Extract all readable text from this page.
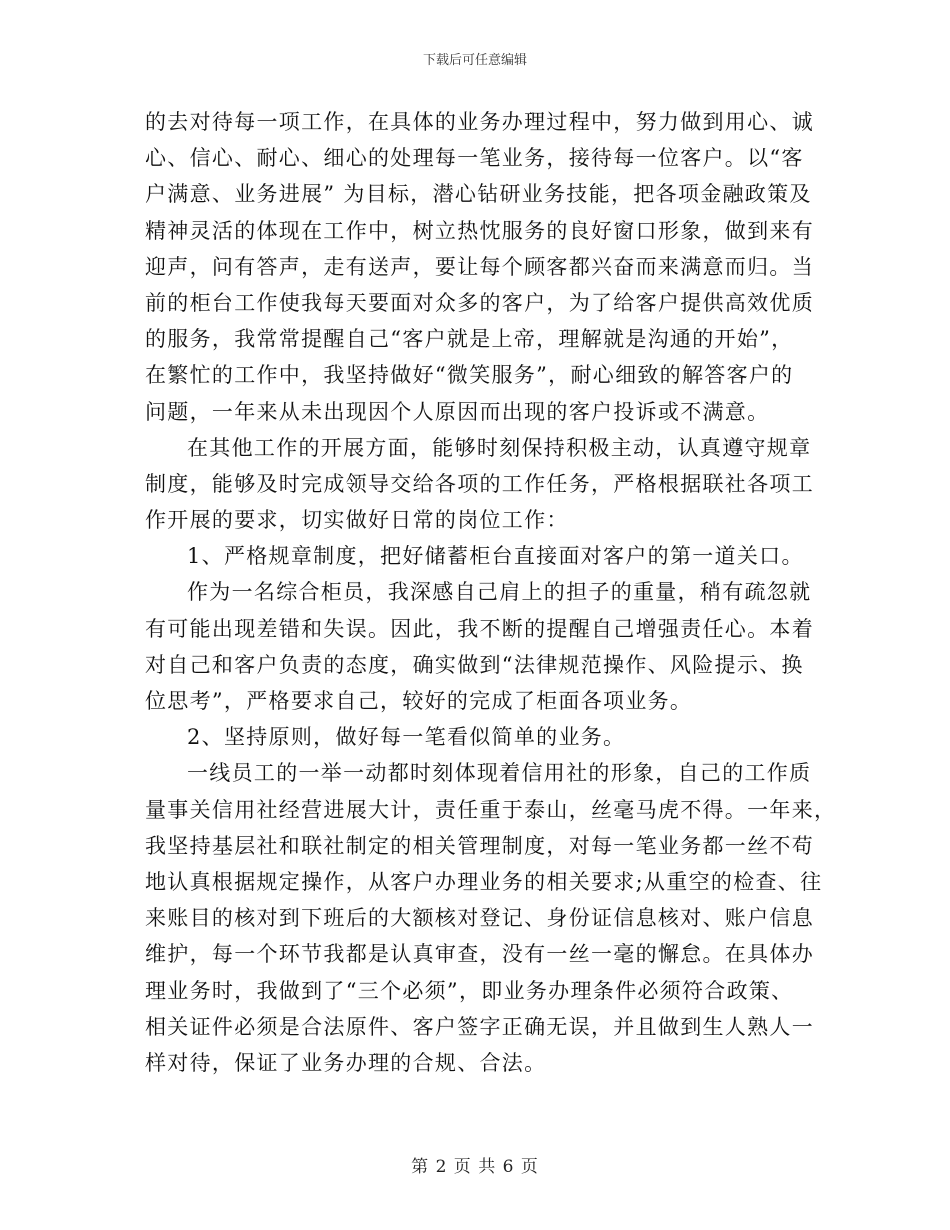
下载后可任意编辑
的去对待每一项工作，在具体的业务办理过程中，努力做到用心、诚
心、信心、耐心、细心的处理每一笔业务，接待每一位客户。以“客
户满意、业务进展” 为目标，潜心钻研业务技能，把各项金融政策及
精神灵活的体现在工作中，树立热忱服务的良好窗口形象，做到来有
迎声，问有答声，走有送声，要让每个顾客都兴奋而来满意而归。当
前的柜台工作使我每天要面对众多的客户，为了给客户提供高效优质
的服务，我常常提醒自己“客户就是上帝，理解就是沟通的开始”，
在繁忙的工作中，我坚持做好“微笑服务”，耐心细致的解答客户的
问题，一年来从未出现因个人原因而出现的客户投诉或不满意。
在其他工作的开展方面，能够时刻保持积极主动，认真遵守规章
制度，能够及时完成领导交给各项的工作任务，严格根据联社各项工
作开展的要求，切实做好日常的岗位工作：
1、严格规章制度，把好储蓄柜台直接面对客户的第一道关口。
作为一名综合柜员，我深感自己肩上的担子的重量，稍有疏忽就
有可能出现差错和失误。因此，我不断的提醒自己增强责任心。本着
对自己和客户负责的态度，确实做到“法律规范操作、风险提示、换
位思考”，严格要求自己，较好的完成了柜面各项业务。
2、坚持原则，做好每一笔看似简单的业务。
一线员工的一举一动都时刻体现着信用社的形象，自己的工作质
量事关信用社经营进展大计，责任重于泰山，丝毫马虎不得。一年来，
我坚持基层社和联社制定的相关管理制度，对每一笔业务都一丝不苟
地认真根据规定操作，从客户办理业务的相关要求;从重空的检查、往
来账目的核对到下班后的大额核对登记、身份证信息核对、账户信息
维护，每一个环节我都是认真审查，没有一丝一毫的懈怠。在具体办
理业务时，我做到了“三个必须”，即业务办理条件必须符合政策、
相关证件必须是合法原件、客户签字正确无误，并且做到生人熟人一
样对待，保证了业务办理的合规、合法。
第 2 页 共 6 页
